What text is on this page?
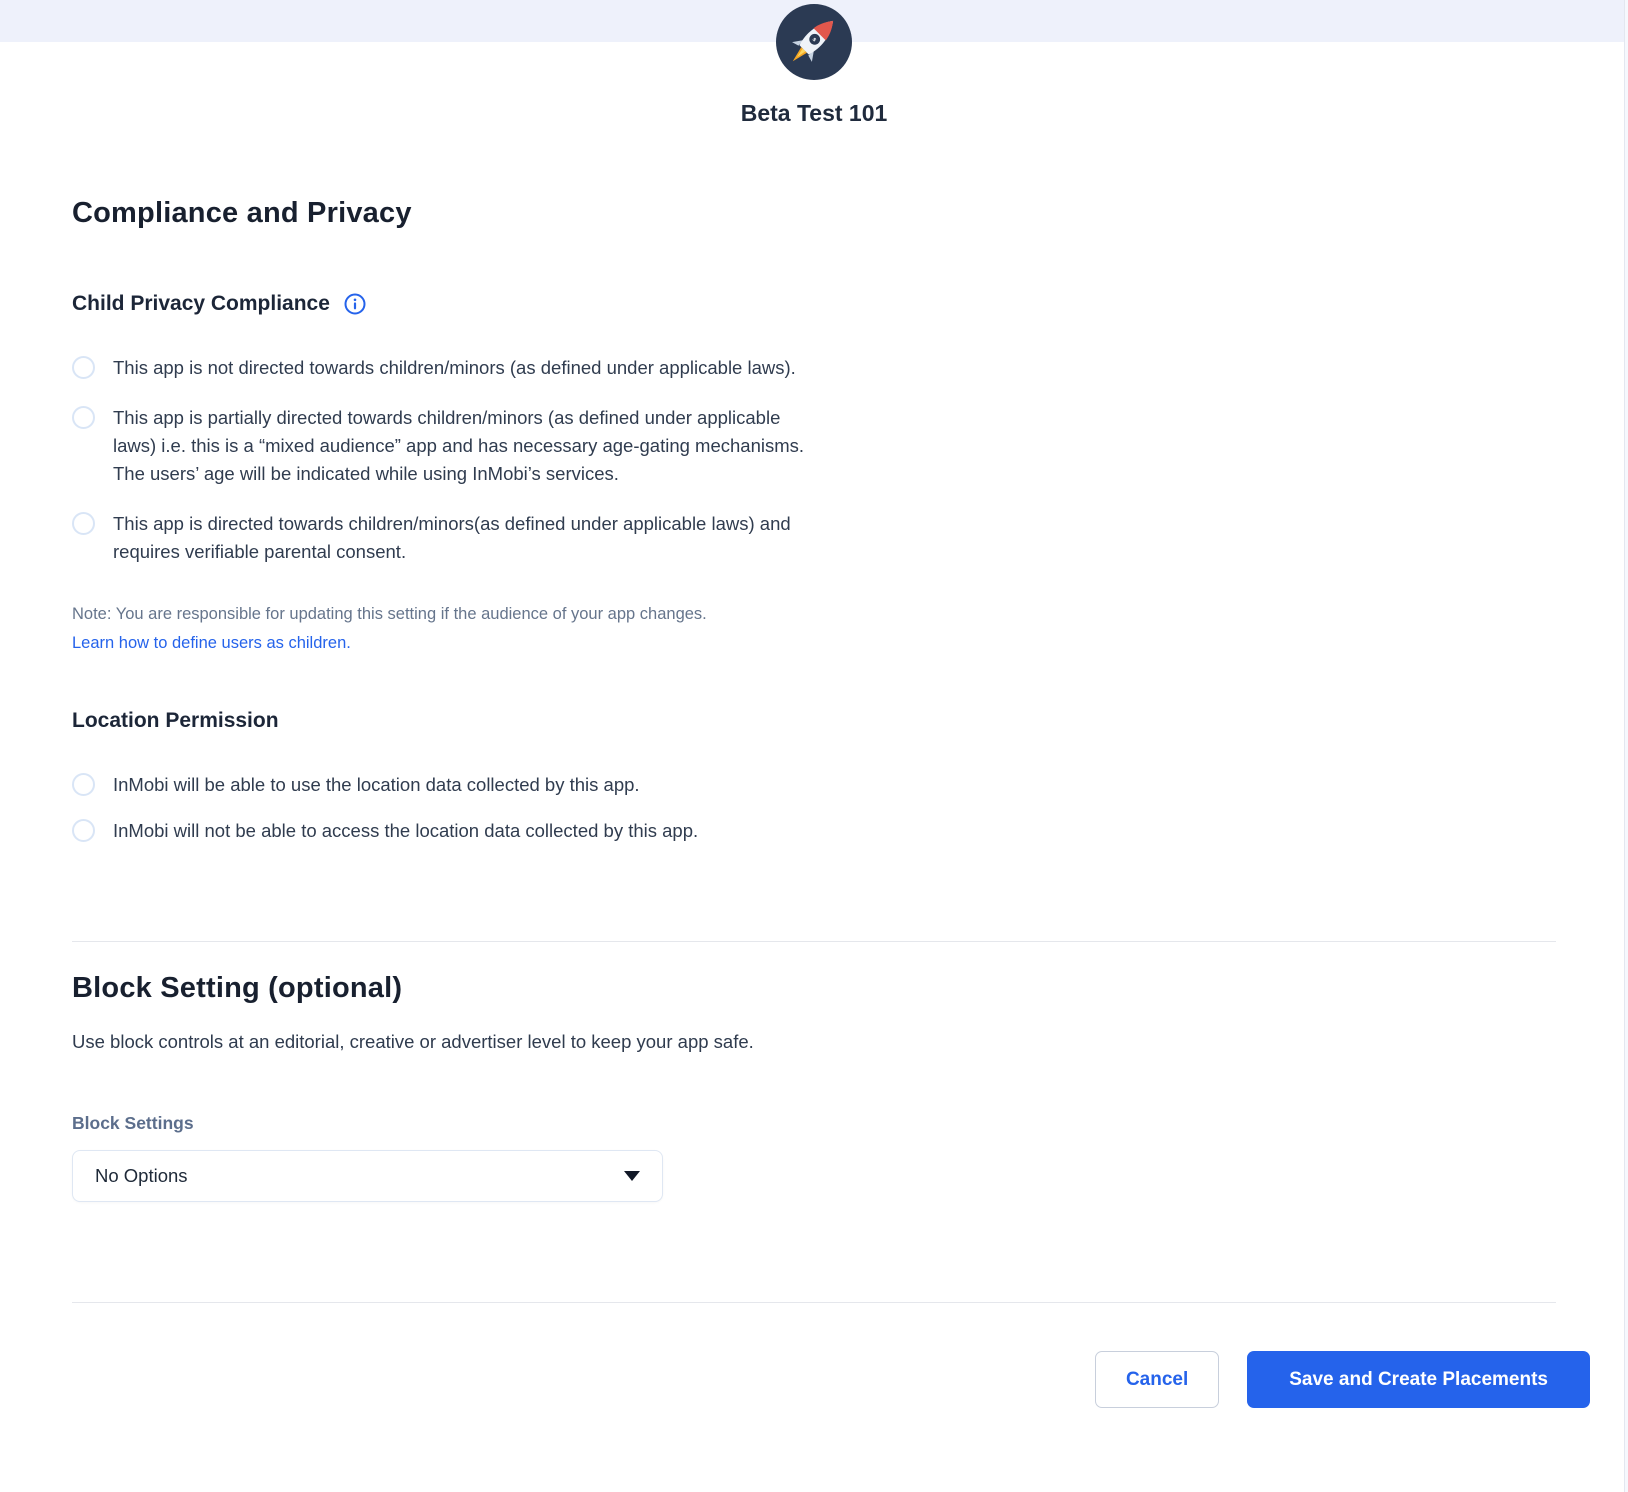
s
Beta Test 101
Compliance and Privacy
Child Privacy Compliance
This app is not directed towards children/minors (as defined under applicable laws).
This app is partially directed towards children/minors (as defined under applicable laws) i.e. this is a “mixed audience” app and has necessary age-gating mechanisms. The users’ age will be indicated while using InMobi’s services.
This app is directed towards children/minors(as defined under applicable laws) and requires verifiable parental consent.
Note: You are responsible for updating this setting if the audience of your app changes.
Learn how to define users as children.
Location Permission
InMobi will be able to use the location data collected by this app.
InMobi will not be able to access the location data collected by this app.
Block Setting (optional)
Use block controls at an editorial, creative or advertiser level to keep your app safe.
Block Settings
No Options
Cancel	Save and Create Placements
